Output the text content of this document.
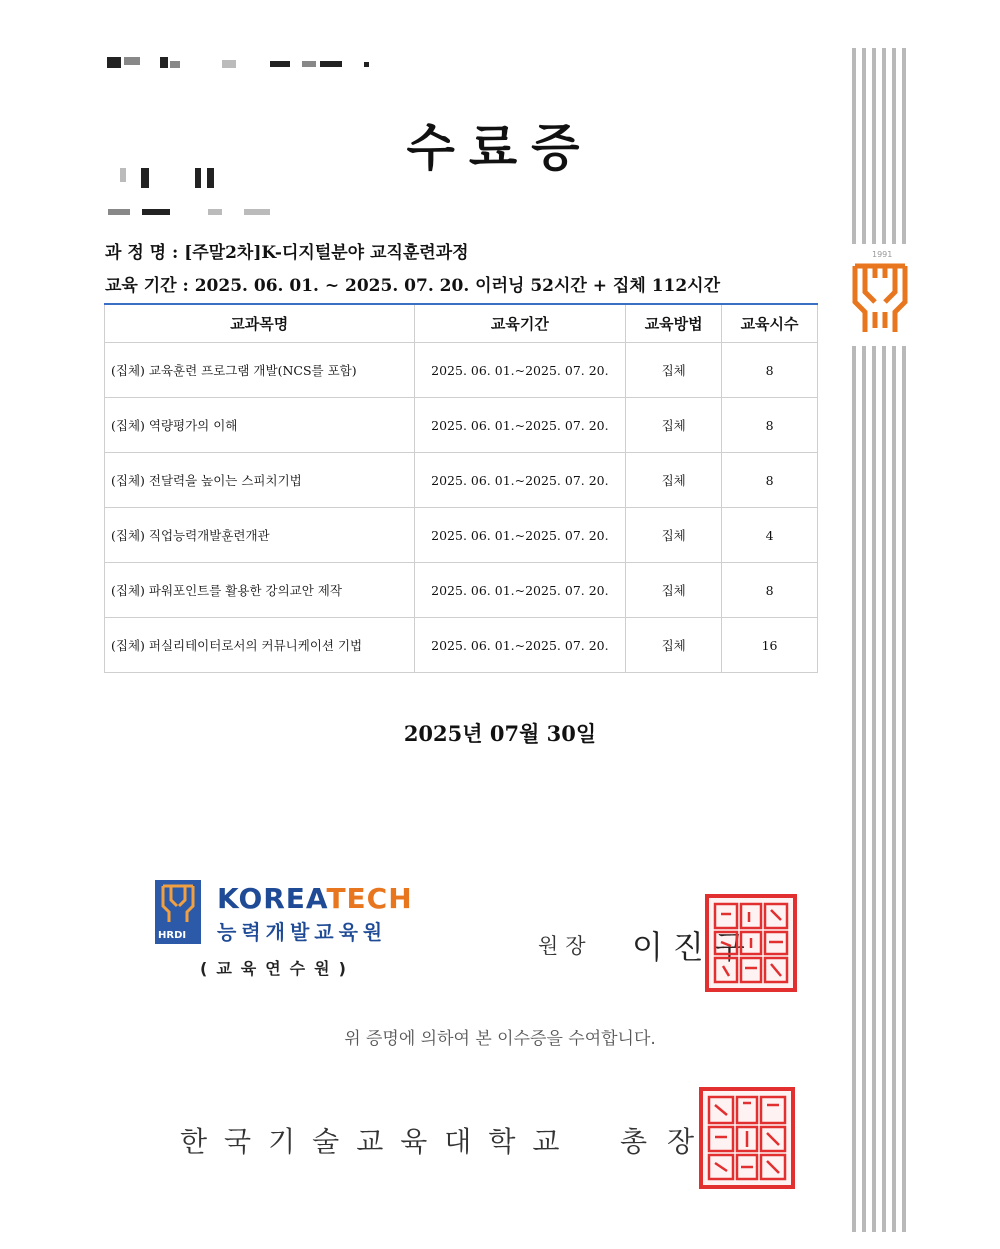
수료증
과 정 명 : [주말2차]K-디지털분야 교직훈련과정
교육 기간 : 2025. 06. 01. ~ 2025. 07. 20. 이러닝 52시간 + 집체 112시간
교과목명	교육기간	교육방법	교육시수
(집체) 교육훈련 프로그램 개발(NCS를 포함)	2025. 06. 01.~2025. 07. 20.	집체	8
(집체) 역량평가의 이해	2025. 06. 01.~2025. 07. 20.	집체	8
(집체) 전달력을 높이는 스피치기법	2025. 06. 01.~2025. 07. 20.	집체	8
(집체) 직업능력개발훈련개관	2025. 06. 01.~2025. 07. 20.	집체	4
(집체) 파워포인트를 활용한 강의교안 제작	2025. 06. 01.~2025. 07. 20.	집체	8
(집체) 퍼실리테이터로서의 커뮤니케이션 기법	2025. 06. 01.~2025. 07. 20.	집체	16
2025년 07월 30일
1991
HRDI
KOREATECH
능력개발교육원
(교육연수원)
원장 이진구
위 증명에 의하여 본 이수증을 수여합니다.
한국기술교육대학교 총장
